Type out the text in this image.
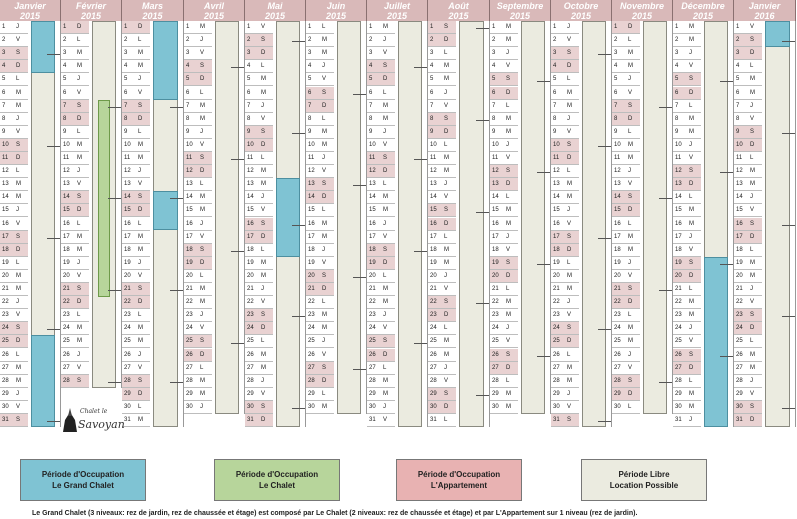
Janvier
2015
1	J
2	V
3	S
4	D
5	L
6	M
7	M
8	J
9	V
10	S
11	D
12	L
13	M
14	M
15	J
16	V
17	S
18	D
19	L
20	M
21	M
22	J
23	V
24	S
25	D
26	L
27	M
28	M
29	J
30	V
31	S
Février
2015
1	D
2	L
3	M
4	M
5	J
6	V
7	S
8	D
9	L
10	M
11	M
12	J
13	V
14	S
15	D
16	L
17	M
18	M
19	J
20	V
21	S
22	D
23	L
24	M
25	M
26	J
27	V
28	S
Mars
2015
1	D
2	L
3	M
4	M
5	J
6	V
7	S
8	D
9	L
10	M
11	M
12	J
13	V
14	S
15	D
16	L
17	M
18	M
19	J
20	V
21	S
22	D
23	L
24	M
25	M
26	J
27	V
28	S
29	D
30	L
31	M
Avril
2015
1	M
2	J
3	V
4	S
5	D
6	L
7	M
8	M
9	J
10	V
11	S
12	D
13	L
14	M
15	M
16	J
17	V
18	S
19	D
20	L
21	M
22	M
23	J
24	V
25	S
26	D
27	L
28	M
29	M
30	J
Mai
2015
1	V
2	S
3	D
4	L
5	M
6	M
7	J
8	V
9	S
10	D
11	L
12	M
13	M
14	J
15	V
16	S
17	D
18	L
19	M
20	M
21	J
22	V
23	S
24	D
25	L
26	M
27	M
28	J
29	V
30	S
31	D
Juin
2015
1	L
2	M
3	M
4	J
5	V
6	S
7	D
8	L
9	M
10	M
11	J
12	V
13	S
14	D
15	L
16	M
17	M
18	J
19	V
20	S
21	D
22	L
23	M
24	M
25	J
26	V
27	S
28	D
29	L
30	M
Juillet
2015
1	M
2	J
3	V
4	S
5	D
6	L
7	M
8	M
9	J
10	V
11	S
12	D
13	L
14	M
15	M
16	J
17	V
18	S
19	D
20	L
21	M
22	M
23	J
24	V
25	S
26	D
27	L
28	M
29	M
30	J
31	V
Août
2015
1	S
2	D
3	L
4	M
5	M
6	J
7	V
8	S
9	D
10	L
11	M
12	M
13	J
14	V
15	S
16	D
17	L
18	M
19	M
20	J
21	V
22	S
23	D
24	L
25	M
26	M
27	J
28	V
29	S
30	D
31	L
Septembre
2015
1	M
2	M
3	J
4	V
5	S
6	D
7	L
8	M
9	M
10	J
11	V
12	S
13	D
14	L
15	M
16	M
17	J
18	V
19	S
20	D
21	L
22	M
23	M
24	J
25	V
26	S
27	D
28	L
29	M
30	M
Octobre
2015
1	J
2	V
3	S
4	D
5	L
6	M
7	M
8	J
9	V
10	S
11	D
12	L
13	M
14	M
15	J
16	V
17	S
18	D
19	L
20	M
21	M
22	J
23	V
24	S
25	D
26	L
27	M
28	M
29	J
30	V
31	S
Novembre
2015
1	D
2	L
3	M
4	M
5	J
6	V
7	S
8	D
9	L
10	M
11	M
12	J
13	V
14	S
15	D
16	L
17	M
18	M
19	J
20	V
21	S
22	D
23	L
24	M
25	M
26	J
27	V
28	S
29	D
30	L
Décembre
2015
1	M
2	M
3	J
4	V
5	S
6	D
7	L
8	M
9	M
10	J
11	V
12	S
13	D
14	L
15	M
16	M
17	J
18	V
19	S
20	D
21	L
22	M
23	M
24	J
25	V
26	S
27	D
28	L
29	M
30	M
31	J
Janvier
2016
1	V
2	S
3	D
4	L
5	M
6	M
7	J
8	V
9	S
10	D
11	L
12	M
13	M
14	J
15	V
16	S
17	D
18	L
19	M
20	M
21	J
22	V
23	S
24	D
25	L
26	M
27	M
28	J
29	V
30	S
31	D
Chalet le
Savoyan
Période d'Occupation
Le Grand Chalet
Période d'Occupation
Le Chalet
Période d'Occupation
L'Appartement
Période Libre
Location Possible
Le Grand Chalet (3 niveaux: rez de jardin, rez de chaussée et étage) est composé par Le Chalet (2 niveaux: rez de chaussée et étage) et par L'Appartement sur 1 niveau (rez de jardin).
